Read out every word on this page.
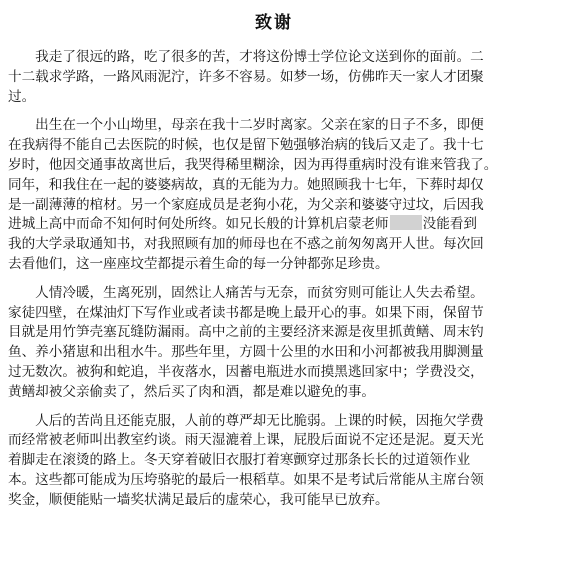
致谢
　　我走了很远的路，吃了很多的苦，才将这份博士学位论文送到你的面前。二
十二载求学路，一路风雨泥泞，许多不容易。如梦一场，仿佛昨天一家人才团聚
过。
　　出生在一个小山坳里，母亲在我十二岁时离家。父亲在家的日子不多，即便
在我病得不能自己去医院的时候，也仅是留下勉强够治病的钱后又走了。我十七
岁时，他因交通事故离世后，我哭得稀里糊涂，因为再得重病时没有谁来管我了。
同年，和我住在一起的婆婆病故，真的无能为力。她照顾我十七年，下葬时却仅
是一副薄薄的棺材。另一个家庭成员是老狗小花，为父亲和婆婆守过坟，后因我
进城上高中而命不知何时何处所终。如兄长般的计算机启蒙老师	没能看到
我的大学录取通知书，对我照顾有加的师母也在不惑之前匆匆离开人世。每次回
去看他们，这一座座坟茔都提示着生命的每一分钟都弥足珍贵。
　　人情冷暖，生离死别，固然让人痛苦与无奈，而贫穷则可能让人失去希望。
家徒四壁，在煤油灯下写作业或者读书都是晚上最开心的事。如果下雨，保留节
目就是用竹笋壳塞瓦缝防漏雨。高中之前的主要经济来源是夜里抓黄鳝、周末钓
鱼、养小猪崽和出租水牛。那些年里，方圆十公里的水田和小河都被我用脚测量
过无数次。被狗和蛇追，半夜落水，因蓄电瓶进水而摸黑逃回家中；学费没交，
黄鳝却被父亲偷卖了，然后买了肉和酒，都是难以避免的事。
　　人后的苦尚且还能克服，人前的尊严却无比脆弱。上课的时候，因拖欠学费
而经常被老师叫出教室约谈。雨天湿漉着上课，屁股后面说不定还是泥。夏天光
着脚走在滚烫的路上。冬天穿着破旧衣服打着寒颤穿过那条长长的过道领作业
本。这些都可能成为压垮骆驼的最后一根稻草。如果不是考试后常能从主席台领
奖金，顺便能贴一墙奖状满足最后的虚荣心，我可能早已放弃。
